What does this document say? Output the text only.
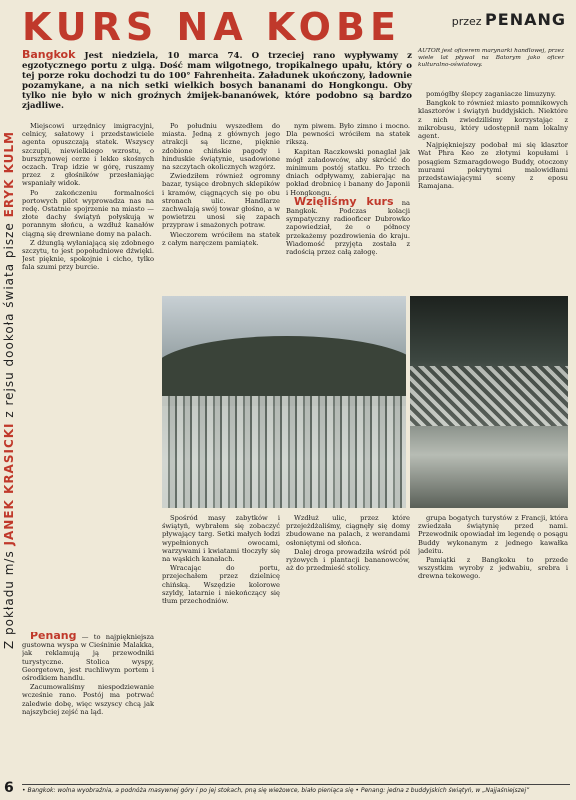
Z pokładu m/s JANEK KRASICKI z rejsu dookoła świata pisze ERYK KULM
KURS NA KOBE	przez PENANG
AUTOR jest oficerem marynarki handlowej, przez wiele lat pływał na Batorym jako oficer kulturalno-oświatowy.
Bangkok Jest niedziela, 10 marca 74. O trzeciej rano wypływamy z egzotycznego portu z ulgą. Dość mam wilgotnego, tropikalnego upału, który o tej porze roku dochodzi tu do 100° Fahrenheita. Załadunek ukończony, ładownie pozamykane, a na nich setki wielkich bosych bananami do Hongkongu. Oby tylko nie było w nich groźnych żmijek-bananówek, które podobno są bardzo zjadliwe.

Miejscowi urzędnicy imigracyjni, celnicy, sałatowy i przedstawiciele agenta opuszczają statek. Wszyscy szczupli, niewielkiego wzrostu, o bursztynowej cerze i lekko skośnych oczach. Trap idzie w górę, ruszamy przez z głośników przesłaniając wspaniały widok.

Po zakończeniu formalności portowych pilot wyprowadza nas na redę. Ostatnie spojrzenie na miasto — złote dachy świątyń połyskują w porannym słońcu, a wzdłuż kanałów ciągną się drewniane domy na palach.

Z dżunglą wyłaniającą się zdobnego szczytu, to jest popołudniowe dźwięki. Jest pięknie, spokojnie i cicho, tylko fala szumi przy burcie.

Po południu wyszedłem do miasta. Jedną z głównych jego atrakcji są liczne, pięknie zdobione chińskie pagody i hinduskie świątynie, usadowione na szczytach okolicznych wzgórz.

Zwiedziłem również ogromny bazar, tysiące drobnych sklepików i kramów, ciągnących się po obu stronach ulic. Handlarze zachwalają swój towar głośno, a w powietrzu unosi się zapach przypraw i smażonych potraw.

Wieczorem wróciłem na statek z całym naręczem pamiątek.

nym piwem. Było zimno i mocno. Dla pewności wróciłem na statek rikszą.

Kapitan Raczkowski ponaglał jak mógł załadowców, aby skrócić do minimum postój statku. Po trzech dniach odpływamy, zabierając na pokład drobnicę i banany do Japonii i Hongkongu.

Wzięliśmy kurs na Bangkok. Podczas kolacji sympatyczny radiooficer Dubrowko zapowiedział, że o północy przekażemy pozdrowienia do kraju. Wiadomość przyjęta została z radością przez całą załogę.

pomógłby ślepcy zaganiacze limuzyny.

Bangkok to również miasto pomnikowych klasztorów i świątyń buddyjskich. Niektóre z nich zwiedziliśmy korzystając z mikrobusu, który udostępnił nam lokalny agent.

Najpiękniejszy podobał mi się klasztor Wat Phra Keo ze złotymi kopułami i posągiem Szmaragdowego Buddy, otoczony murami pokrytymi malowidłami przedstawiającymi sceny z eposu Ramajana.

Penang — to najpiękniejsza gustowna wyspa w Cieśninie Malakka, jak reklamują ją przewodniki turystyczne. Stolica wyspy, Georgetown, jest ruchliwym portem i ośrodkiem handlu.

Zacumowaliśmy niespodziewanie wcześnie rano. Postój ma potrwać zaledwie dobę, więc wszyscy chcą jak najszybciej zejść na ląd.

Spośród masy zabytków i świątyń, wybrałem się zobaczyć pływający targ. Setki małych łodzi wypełnionych owocami, warzywami i kwiatami tłoczyły się na wąskich kanałach.

Wracając do portu, przejechałem przez dzielnicę chińską. Wszędzie kolorowe szyldy, latarnie i niekończący się tłum przechodniów.

Wzdłuż ulic, przez które przejeżdżaliśmy, ciągnęły się domy zbudowane na palach, z werandami osłoniętymi od słońca.

Dalej droga prowadziła wśród pól ryżowych i plantacji bananowców, aż do przedmieść stolicy.

grupa bogatych turystów z Francji, która zwiedzała świątynię przed nami. Przewodnik opowiadał im legendę o posągu Buddy wykonanym z jednego kawałka jadeitu.

Pamiątki z Bangkoku to przede wszystkim wyroby z jedwabiu, srebra i drewna tekowego.

• Bangkok: wolna wyobraźnia, a podnóża masywnej góry i po jej stokach, pną się wieżowce, biało pieniąca się • Penang: jedna z buddyjskich świątyń, w „Najjaśniejszej”
6
